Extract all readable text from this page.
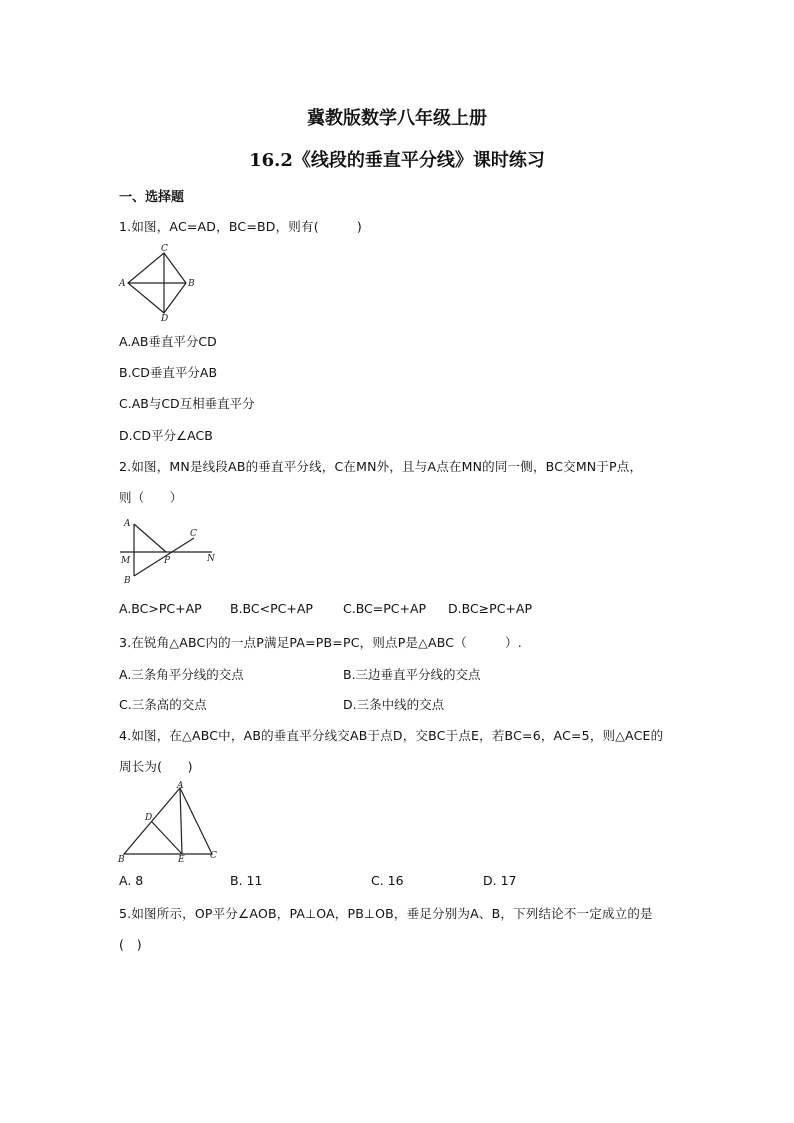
冀教版数学八年级上册
16.2《线段的垂直平分线》课时练习
一、选择题
1.如图，AC=AD，BC=BD，则有(　　　)
C
A	B
D
A.AB垂直平分CD
B.CD垂直平分AB
C.AB与CD互相垂直平分
D.CD平分∠ACB
2.如图，MN是线段AB的垂直平分线，C在MN外，且与A点在MN的同一侧，BC交MN于P点，
则（　　）
A
C
M	P	N
B
A.BC>PC+AP B.BC<PC+AP C.BC=PC+AP D.BC≥PC+AP
3.在锐角△ABC内的一点P满足PA=PB=PC，则点P是△ABC（　　　）.
A.三条角平分线的交点	B.三边垂直平分线的交点
C.三条高的交点	D.三条中线的交点
4.如图，在△ABC中，AB的垂直平分线交AB于点D，交BC于点E，若BC=6，AC=5，则△ACE的
周长为(　　)
A
D
B	E	C
A. 8	B. 11	C. 16	D. 17
5.如图所示，OP平分∠AOB，PA⊥OA，PB⊥OB，垂足分别为A、B，下列结论不一定成立的是
(　)
